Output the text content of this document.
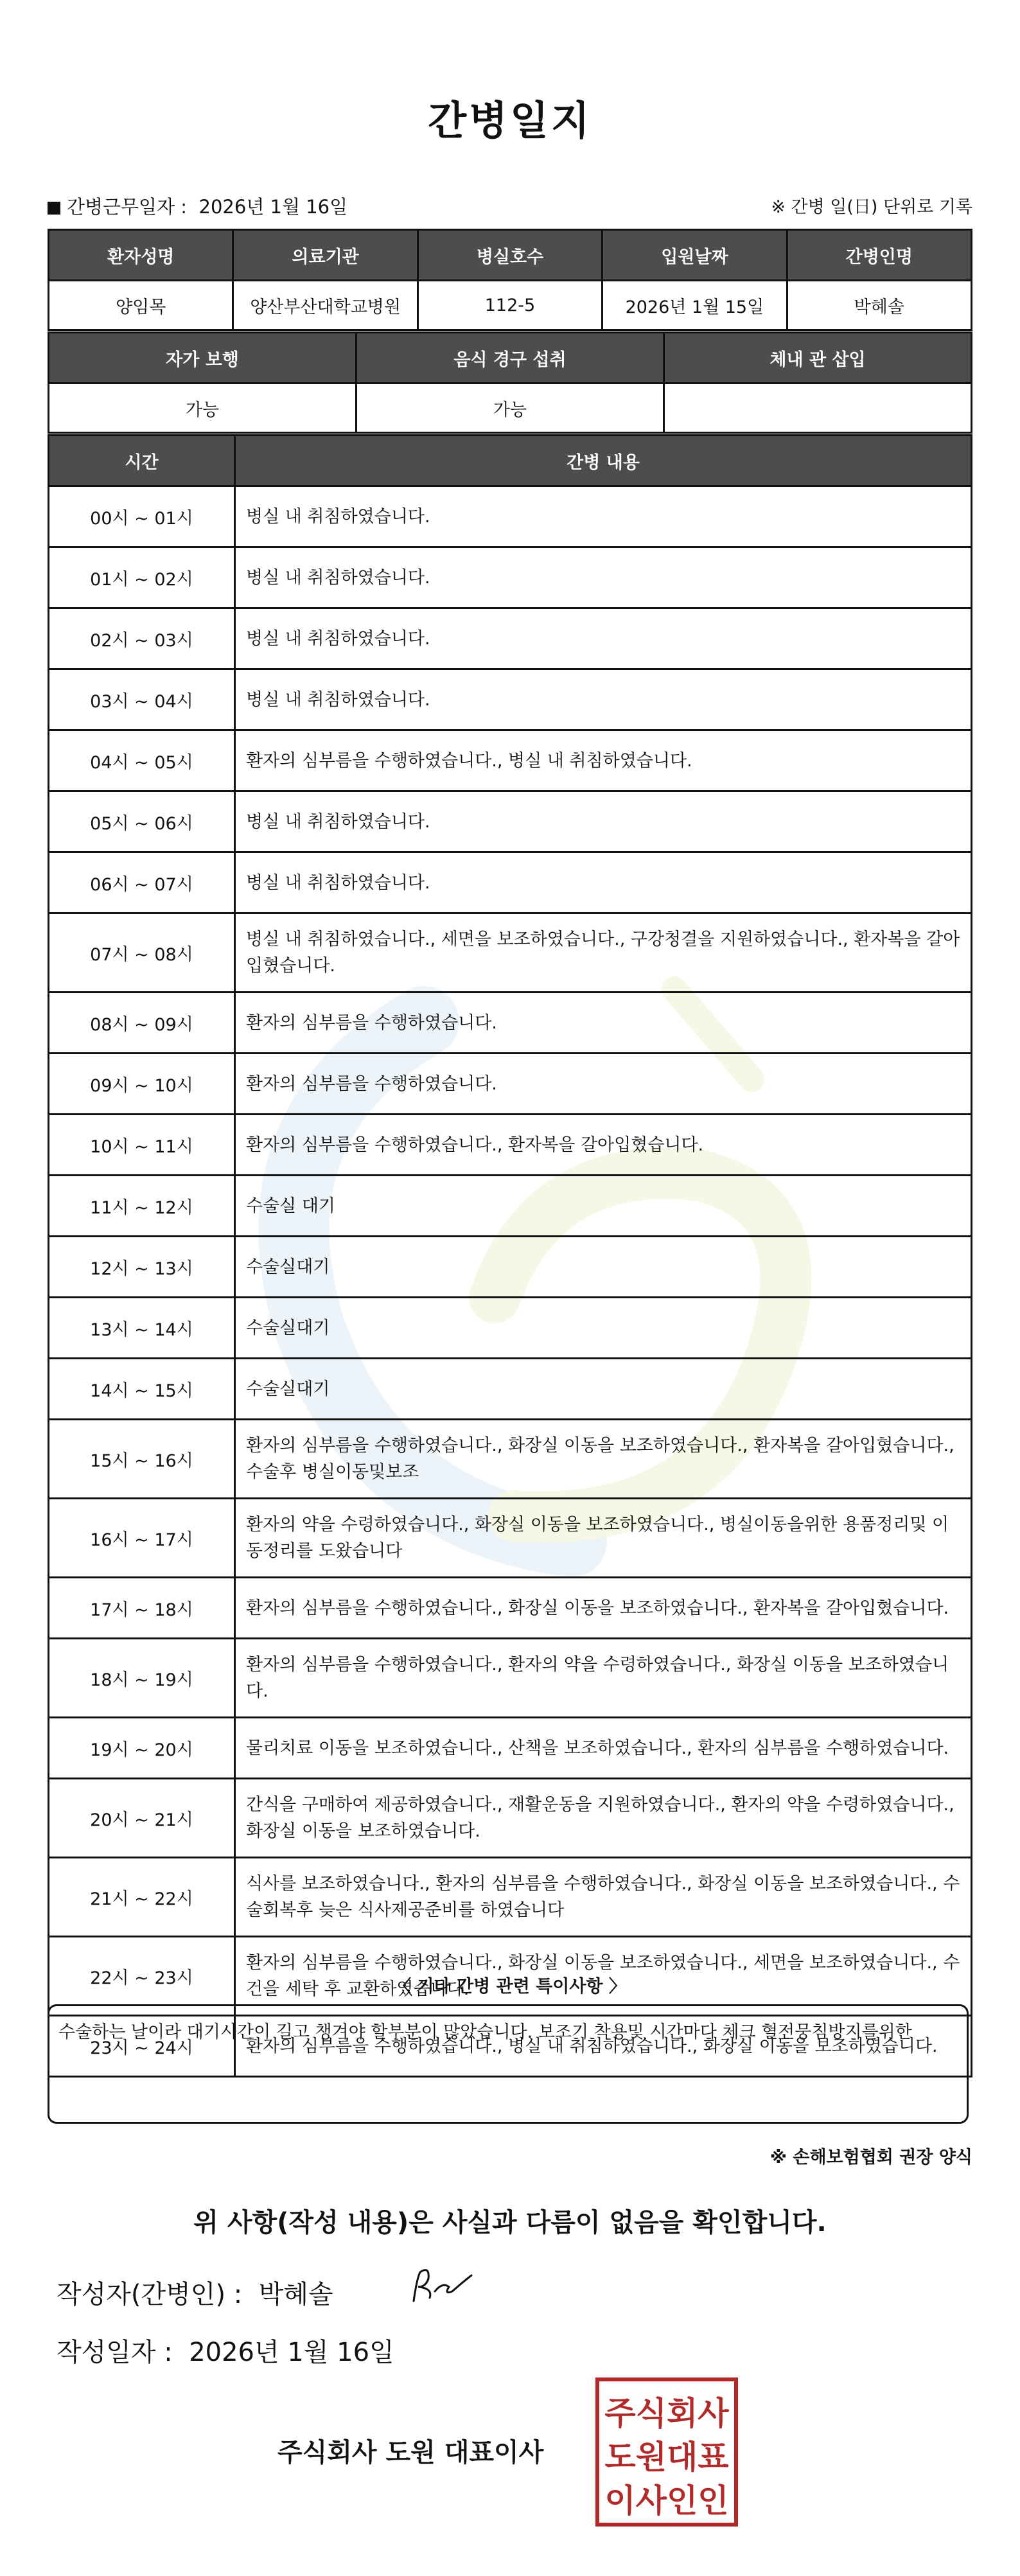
간병일지
간병근무일자 : 2026년 1월 16일	※ 간병 일(日) 단위로 기록
환자성명	의료기관	병실호수	입원날짜	간병인명
양임목	양산부산대학교병원	112-5	2026년 1월 15일	박혜솔
자가 보행	음식 경구 섭취	체내 관 삽입
가능	가능	
시간	간병 내용
00시 ~ 01시	병실 내 취침하였습니다.
01시 ~ 02시	병실 내 취침하였습니다.
02시 ~ 03시	병실 내 취침하였습니다.
03시 ~ 04시	병실 내 취침하였습니다.
04시 ~ 05시	환자의 심부름을 수행하였습니다., 병실 내 취침하였습니다.
05시 ~ 06시	병실 내 취침하였습니다.
06시 ~ 07시	병실 내 취침하였습니다.
07시 ~ 08시	병실 내 취침하였습니다., 세면을 보조하였습니다., 구강청결을 지원하였습니다., 환자복을 갈아입혔습니다.
08시 ~ 09시	환자의 심부름을 수행하였습니다.
09시 ~ 10시	환자의 심부름을 수행하였습니다.
10시 ~ 11시	환자의 심부름을 수행하였습니다., 환자복을 갈아입혔습니다.
11시 ~ 12시	수술실 대기
12시 ~ 13시	수술실대기
13시 ~ 14시	수술실대기
14시 ~ 15시	수술실대기
15시 ~ 16시	환자의 심부름을 수행하였습니다., 화장실 이동을 보조하였습니다., 환자복을 갈아입혔습니다., 수술후 병실이동및보조
16시 ~ 17시	환자의 약을 수령하였습니다., 화장실 이동을 보조하였습니다., 병실이동을위한 용품정리및 이동정리를 도왔습니다
17시 ~ 18시	환자의 심부름을 수행하였습니다., 화장실 이동을 보조하였습니다., 환자복을 갈아입혔습니다.
18시 ~ 19시	환자의 심부름을 수행하였습니다., 환자의 약을 수령하였습니다., 화장실 이동을 보조하였습니다.
19시 ~ 20시	물리치료 이동을 보조하였습니다., 산책을 보조하였습니다., 환자의 심부름을 수행하였습니다.
20시 ~ 21시	간식을 구매하여 제공하였습니다., 재활운동을 지원하였습니다., 환자의 약을 수령하였습니다., 화장실 이동을 보조하였습니다.
21시 ~ 22시	식사를 보조하였습니다., 환자의 심부름을 수행하였습니다., 화장실 이동을 보조하였습니다., 수술회복후 늦은 식사제공준비를 하였습니다
22시 ~ 23시	환자의 심부름을 수행하였습니다., 화장실 이동을 보조하였습니다., 세면을 보조하였습니다., 수건을 세탁 후 교환하였습니다.
23시 ~ 24시	환자의 심부름을 수행하였습니다., 병실 내 취침하였습니다., 화장실 이동을 보조하였습니다.
〈 기타 간병 관련 특이사항 〉
수술하는 날이라 대기시간이 길고 챙겨야 할부분이 많았습니다. 보조기 착용및 시간마다 체크 혈전뭉침방지를위한
※ 손해보험협회 권장 양식
위 사항(작성 내용)은 사실과 다름이 없음을 확인합니다.
작성자(간병인) : 박혜솔
작성일자 : 2026년 1월 16일
주식회사 도원 대표이사
주식회사
도원대표
이사인인
